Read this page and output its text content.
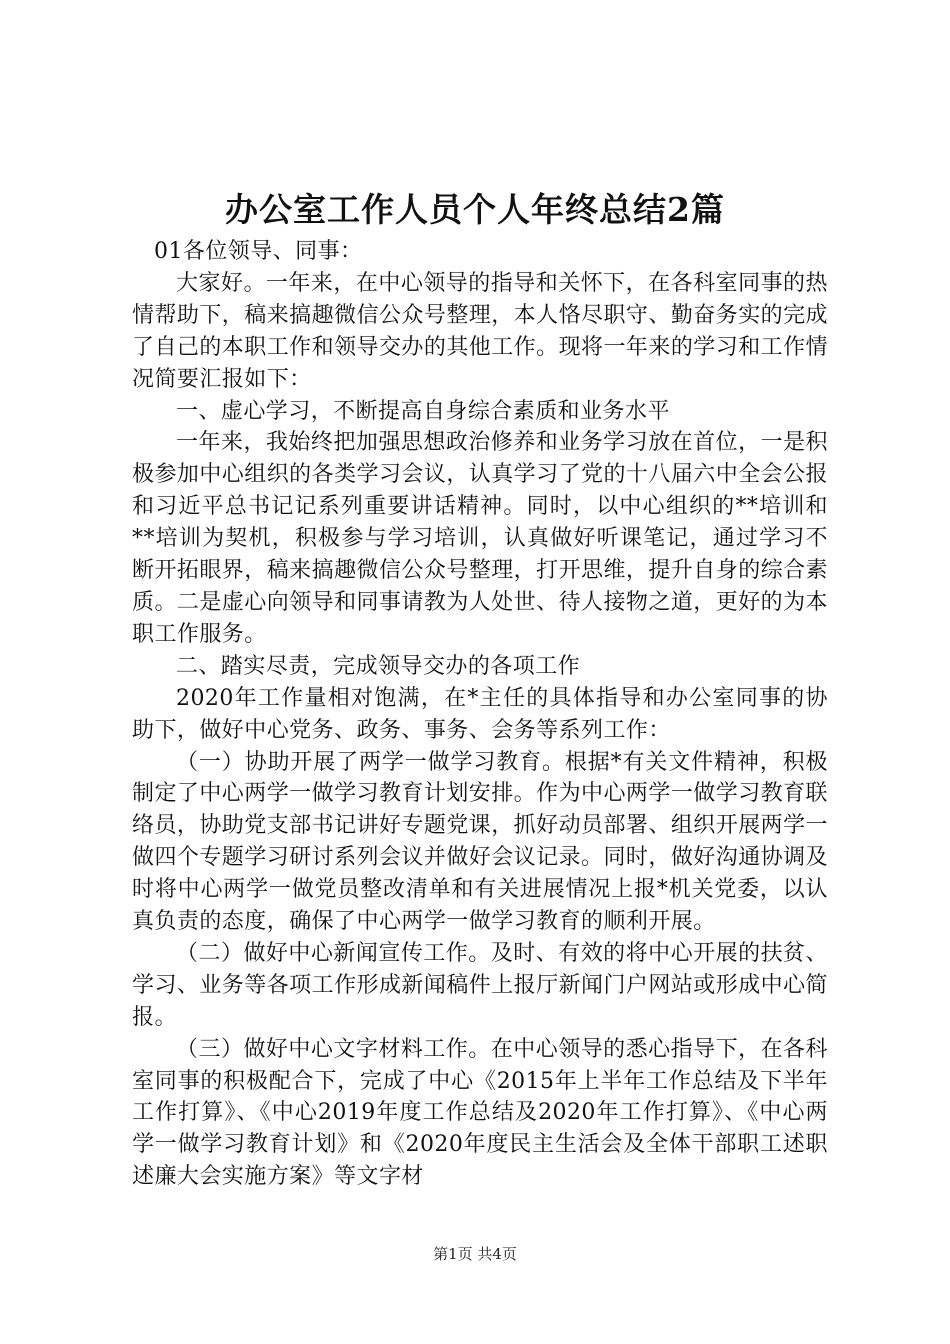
办公室工作人员个人年终总结2篇

01各位领导、同事：

大家好。一年来，在中心领导的指导和关怀下，在各科室同事的热情帮助下，稿来搞趣微信公众号整理，本人恪尽职守、勤奋务实的完成了自己的本职工作和领导交办的其他工作。现将一年来的学习和工作情况简要汇报如下：

一、虚心学习，不断提高自身综合素质和业务水平

一年来，我始终把加强思想政治修养和业务学习放在首位，一是积极参加中心组织的各类学习会议，认真学习了党的十八届六中全会公报和习近平总书记记系列重要讲话精神。同时，以中心组织的**培训和**培训为契机，积极参与学习培训，认真做好听课笔记，通过学习不断开拓眼界，稿来搞趣微信公众号整理，打开思维，提升自身的综合素质。二是虚心向领导和同事请教为人处世、待人接物之道，更好的为本职工作服务。

二、踏实尽责，完成领导交办的各项工作

2020年工作量相对饱满，在*主任的具体指导和办公室同事的协助下，做好中心党务、政务、事务、会务等系列工作：

（一）协助开展了两学一做学习教育。根据*有关文件精神，积极制定了中心两学一做学习教育计划安排。作为中心两学一做学习教育联络员，协助党支部书记讲好专题党课，抓好动员部署、组织开展两学一做四个专题学习研讨系列会议并做好会议记录。同时，做好沟通协调及时将中心两学一做党员整改清单和有关进展情况上报*机关党委，以认真负责的态度，确保了中心两学一做学习教育的顺利开展。

（二）做好中心新闻宣传工作。及时、有效的将中心开展的扶贫、学习、业务等各项工作形成新闻稿件上报厅新闻门户网站或形成中心简报。

（三）做好中心文字材料工作。在中心领导的悉心指导下，在各科室同事的积极配合下，完成了中心《2015年上半年工作总结及下半年工作打算》、《中心2019年度工作总结及2020年工作打算》、《中心两学一做学习教育计划》和《2020年度民主生活会及全体干部职工述职述廉大会实施方案》等文字材

第1页 共4页
